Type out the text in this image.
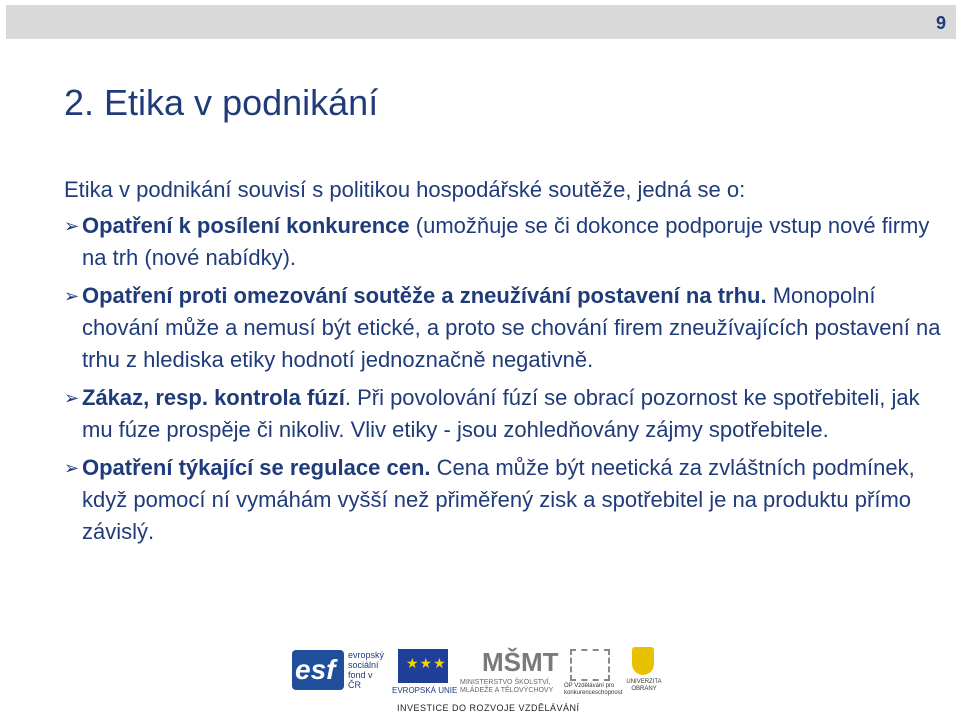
9
2. Etika v podnikání
Etika v podnikání souvisí s politikou hospodářské soutěže, jedná se o:
➢ Opatření k posílení konkurence (umožňuje se či dokonce podporuje vstup nové firmy na trh (nové nabídky).
➢ Opatření proti omezování soutěže a zneužívání postavení na trhu. Monopolní chování může a nemusí být etické, a proto se chování firem zneužívajících postavení na trhu z hlediska etiky hodnotí jednoznačně negativně.
➢ Zákaz, resp. kontrola fúzí. Při povolování fúzí se obrací pozornost ke spotřebiteli, jak mu fúze prospěje či nikoliv. Vliv etiky - jsou zohledňovány zájmy spotřebitele.
➢ Opatření týkající se regulace cen. Cena může být neetická za zvláštních podmínek, když pomocí ní vymáhám vyšší než přiměřený zisk a spotřebitel je na produktu přímo závislý.
esf evropský sociální fond v ČR
★★★
EVROPSKÁ UNIE
MŠMT
MINISTERSTVO ŠKOLSTVÍ, MLÁDEŽE A TĚLOVÝCHOVY
OP Vzdělávání pro konkurenceschopnost
UNIVERZITA OBRANY
INVESTICE DO ROZVOJE VZDĚLÁVÁNÍ
